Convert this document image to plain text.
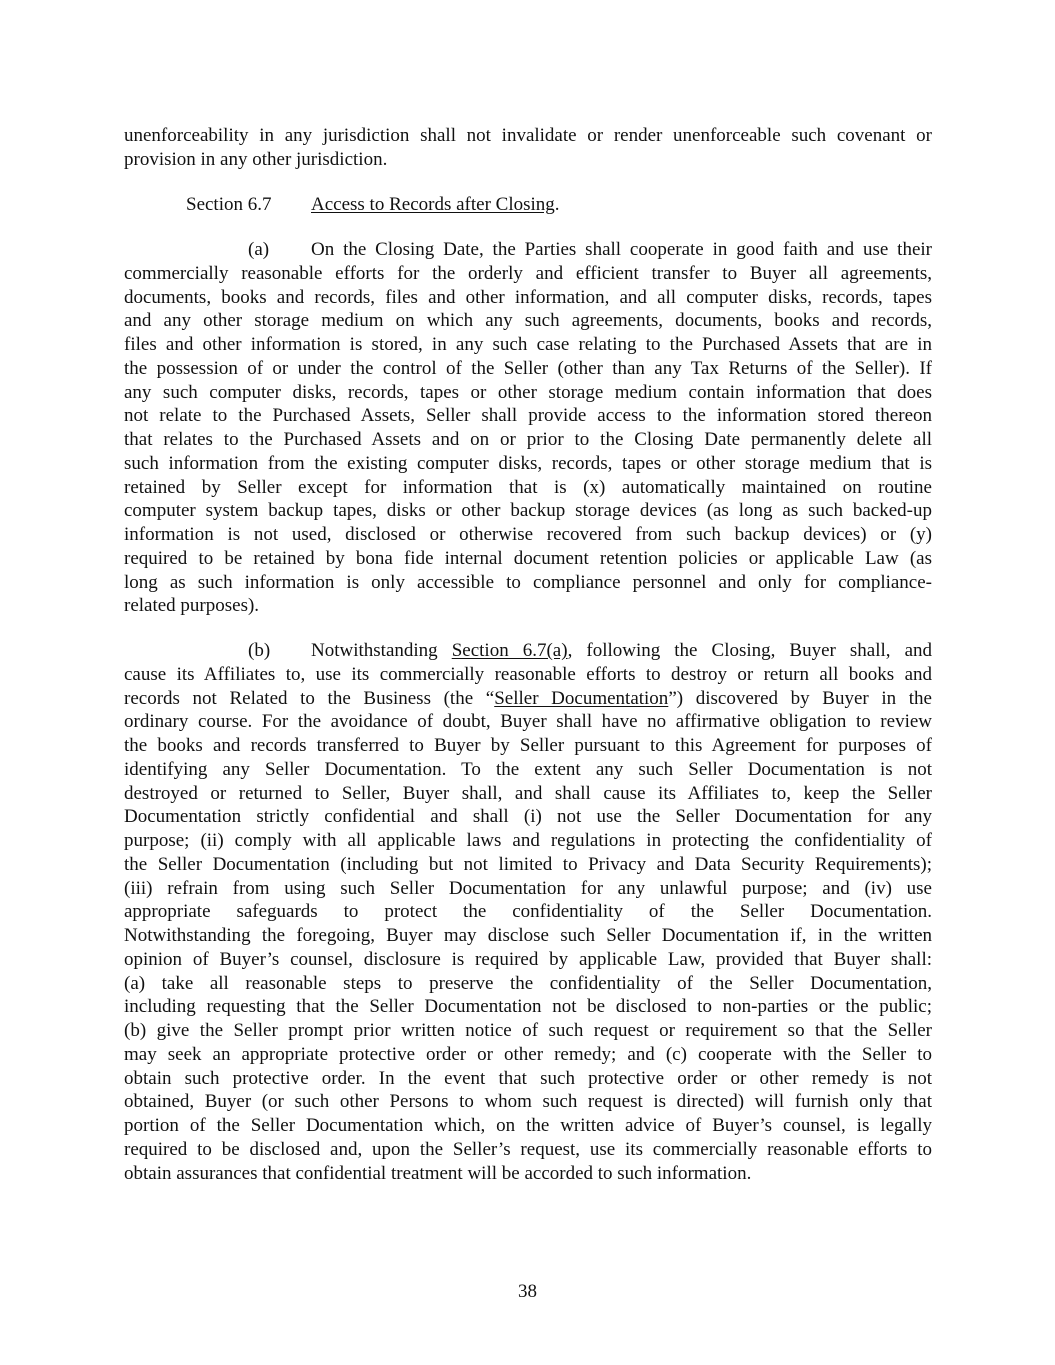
unenforceability in any jurisdiction shall not invalidate or render unenforceable such covenant or
provision in any other jurisdiction.
Section 6.7 Access to Records after Closing.
(a) On the Closing Date, the Parties shall cooperate in good faith and use their
commercially reasonable efforts for the orderly and efficient transfer to Buyer all agreements,
documents, books and records, files and other information, and all computer disks, records, tapes
and any other storage medium on which any such agreements, documents, books and records,
files and other information is stored, in any such case relating to the Purchased Assets that are in
the possession of or under the control of the Seller (other than any Tax Returns of the Seller). If
any such computer disks, records, tapes or other storage medium contain information that does
not relate to the Purchased Assets, Seller shall provide access to the information stored thereon
that relates to the Purchased Assets and on or prior to the Closing Date permanently delete all
such information from the existing computer disks, records, tapes or other storage medium that is
retained by Seller except for information that is (x) automatically maintained on routine
computer system backup tapes, disks or other backup storage devices (as long as such backed-up
information is not used, disclosed or otherwise recovered from such backup devices) or (y)
required to be retained by bona fide internal document retention policies or applicable Law (as
long as such information is only accessible to compliance personnel and only for compliance-
related purposes).
(b) Notwithstanding Section 6.7(a), following the Closing, Buyer shall, and
cause its Affiliates to, use its commercially reasonable efforts to destroy or return all books and
records not Related to the Business (the “Seller Documentation”) discovered by Buyer in the
ordinary course. For the avoidance of doubt, Buyer shall have no affirmative obligation to review
the books and records transferred to Buyer by Seller pursuant to this Agreement for purposes of
identifying any Seller Documentation. To the extent any such Seller Documentation is not
destroyed or returned to Seller, Buyer shall, and shall cause its Affiliates to, keep the Seller
Documentation strictly confidential and shall (i) not use the Seller Documentation for any
purpose; (ii) comply with all applicable laws and regulations in protecting the confidentiality of
the Seller Documentation (including but not limited to Privacy and Data Security Requirements);
(iii) refrain from using such Seller Documentation for any unlawful purpose; and (iv) use
appropriate safeguards to protect the confidentiality of the Seller Documentation.
Notwithstanding the foregoing, Buyer may disclose such Seller Documentation if, in the written
opinion of Buyer’s counsel, disclosure is required by applicable Law, provided that Buyer shall:
(a) take all reasonable steps to preserve the confidentiality of the Seller Documentation,
including requesting that the Seller Documentation not be disclosed to non-parties or the public;
(b) give the Seller prompt prior written notice of such request or requirement so that the Seller
may seek an appropriate protective order or other remedy; and (c) cooperate with the Seller to
obtain such protective order. In the event that such protective order or other remedy is not
obtained, Buyer (or such other Persons to whom such request is directed) will furnish only that
portion of the Seller Documentation which, on the written advice of Buyer’s counsel, is legally
required to be disclosed and, upon the Seller’s request, use its commercially reasonable efforts to
obtain assurances that confidential treatment will be accorded to such information.
38
